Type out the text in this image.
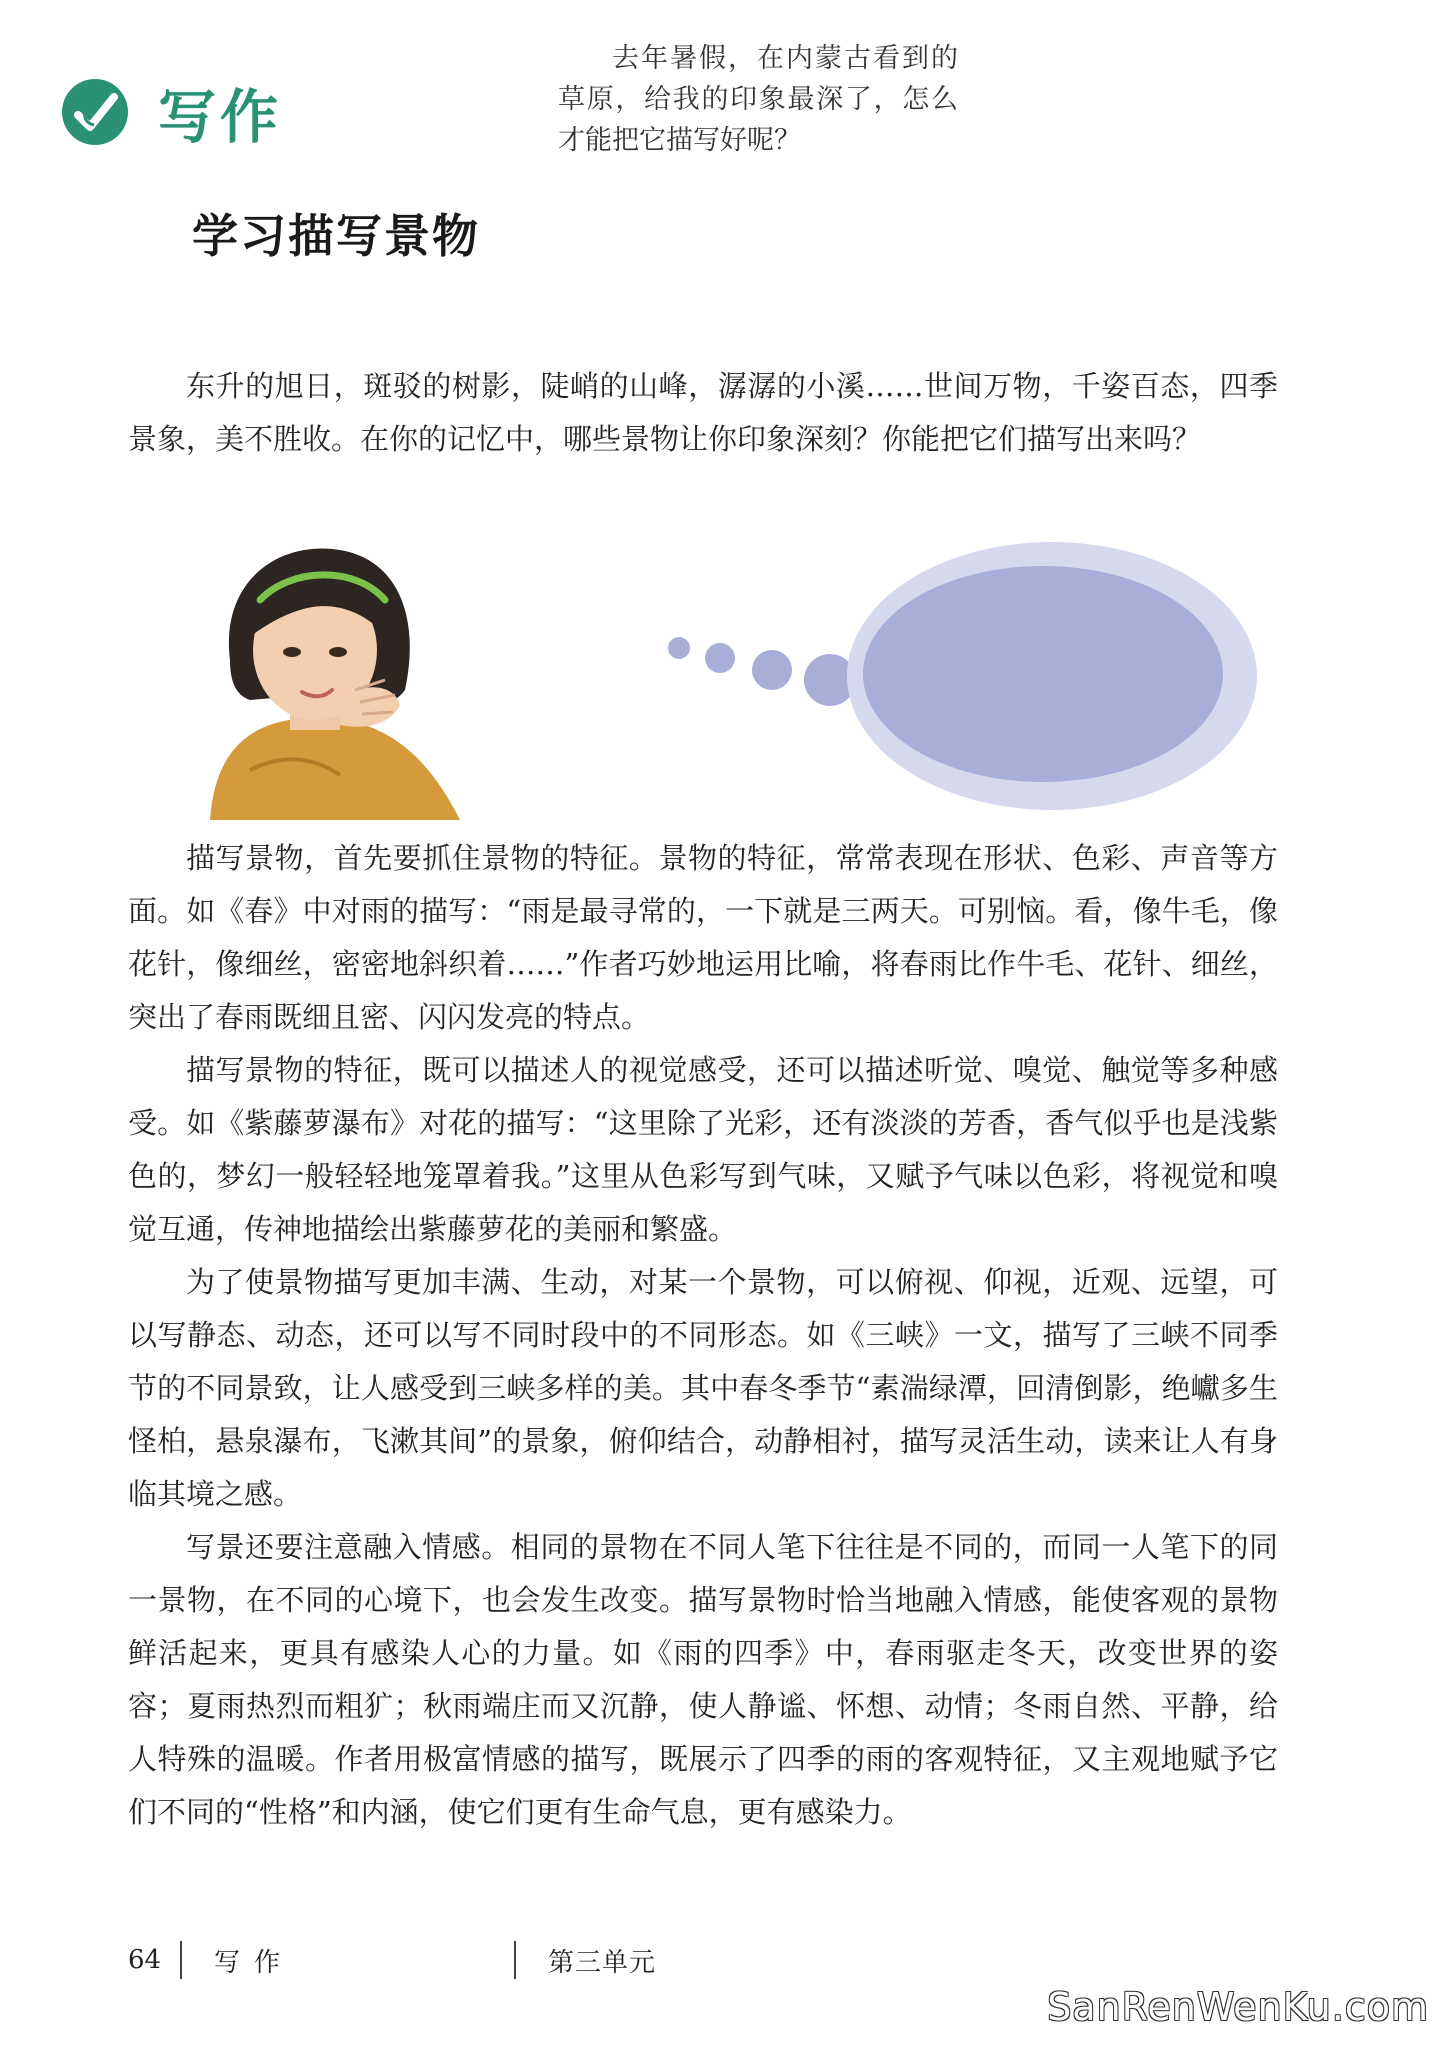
写作
学习描写景物

东升的旭日，斑驳的树影，陡峭的山峰，潺潺的小溪……世间万物，千姿百态，四季景象，美不胜收。在你的记忆中，哪些景物让你印象深刻？你能把它们描写出来吗？

去年暑假，在内蒙古看到的草原，给我的印象最深了，怎么才能把它描写好呢？

描写景物，首先要抓住景物的特征。景物的特征，常常表现在形状、色彩、声音等方面。如《春》中对雨的描写：“雨是最寻常的，一下就是三两天。可别恼。看，像牛毛，像花针，像细丝，密密地斜织着……”作者巧妙地运用比喻，将春雨比作牛毛、花针、细丝，突出了春雨既细且密、闪闪发亮的特点。

描写景物的特征，既可以描述人的视觉感受，还可以描述听觉、嗅觉、触觉等多种感受。如《紫藤萝瀑布》对花的描写：“这里除了光彩，还有淡淡的芳香，香气似乎也是浅紫色的，梦幻一般轻轻地笼罩着我。”这里从色彩写到气味，又赋予气味以色彩，将视觉和嗅觉互通，传神地描绘出紫藤萝花的美丽和繁盛。

为了使景物描写更加丰满、生动，对某一个景物，可以俯视、仰视，近观、远望，可以写静态、动态，还可以写不同时段中的不同形态。如《三峡》一文，描写了三峡不同季节的不同景致，让人感受到三峡多样的美。其中春冬季节“素湍绿潭，回清倒影，绝巘多生怪柏，悬泉瀑布，飞漱其间”的景象，俯仰结合，动静相衬，描写灵活生动，读来让人有身临其境之感。

写景还要注意融入情感。相同的景物在不同人笔下往往是不同的，而同一人笔下的同一景物，在不同的心境下，也会发生改变。描写景物时恰当地融入情感，能使客观的景物鲜活起来，更具有感染人心的力量。如《雨的四季》中，春雨驱走冬天，改变世界的姿容；夏雨热烈而粗犷；秋雨端庄而又沉静，使人静谧、怀想、动情；冬雨自然、平静，给人特殊的温暖。作者用极富情感的描写，既展示了四季的雨的客观特征，又主观地赋予它们不同的“性格”和内涵，使它们更有生命气息，更有感染力。

64	写作	第三单元
SanRenWenKu.com
